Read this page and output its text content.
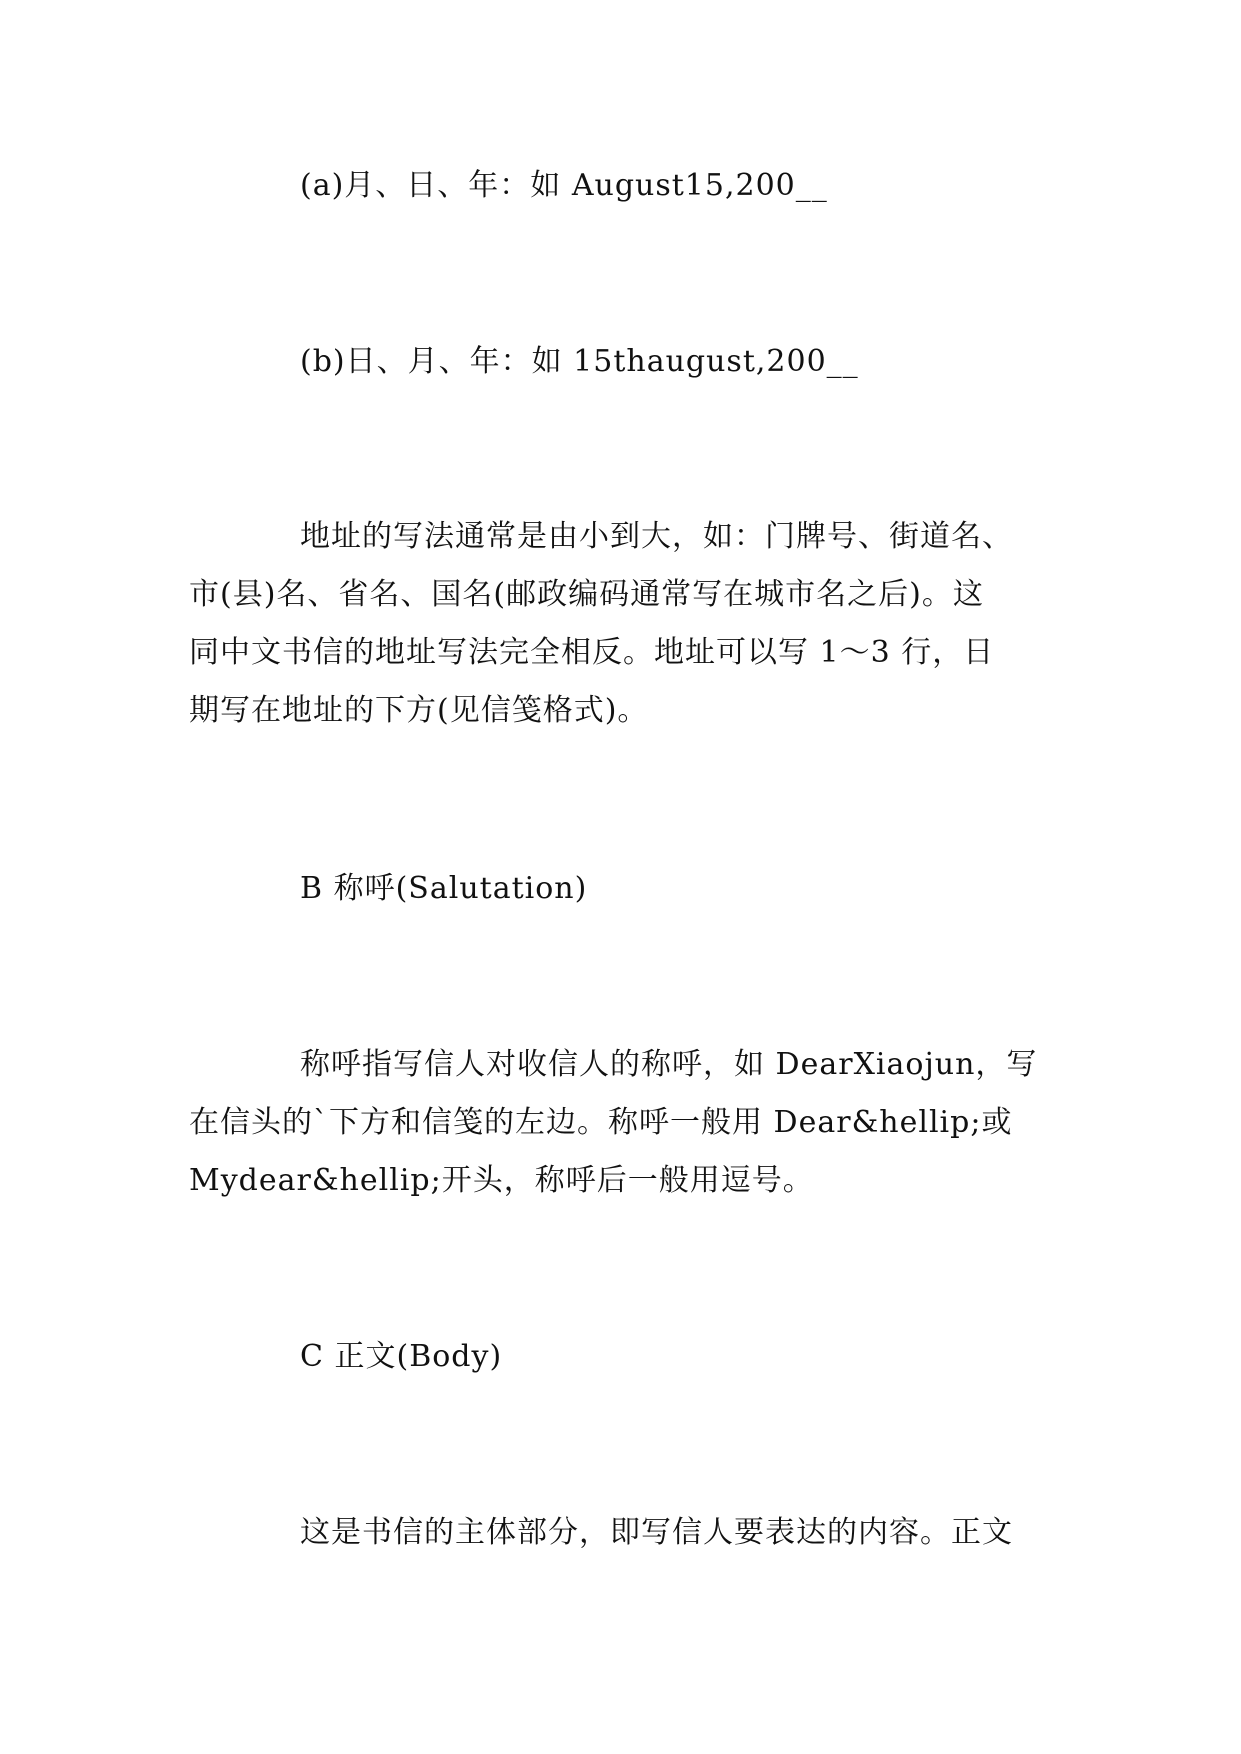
(a)月、日、年：如 August15,200__
(b)日、月、年：如 15thaugust,200__
地址的写法通常是由小到大，如：门牌号、街道名、
市(县)名、省名、国名(邮政编码通常写在城市名之后)。这
同中文书信的地址写法完全相反。地址可以写 1～3 行，日
期写在地址的下方(见信笺格式)。
B 称呼(Salutation)
称呼指写信人对收信人的称呼，如 DearXiaojun，写
在信头的`下方和信笺的左边。称呼一般用 Dear&hellip;或
Mydear&hellip;开头，称呼后一般用逗号。
C 正文(Body)
这是书信的主体部分，即写信人要表达的内容。正文
